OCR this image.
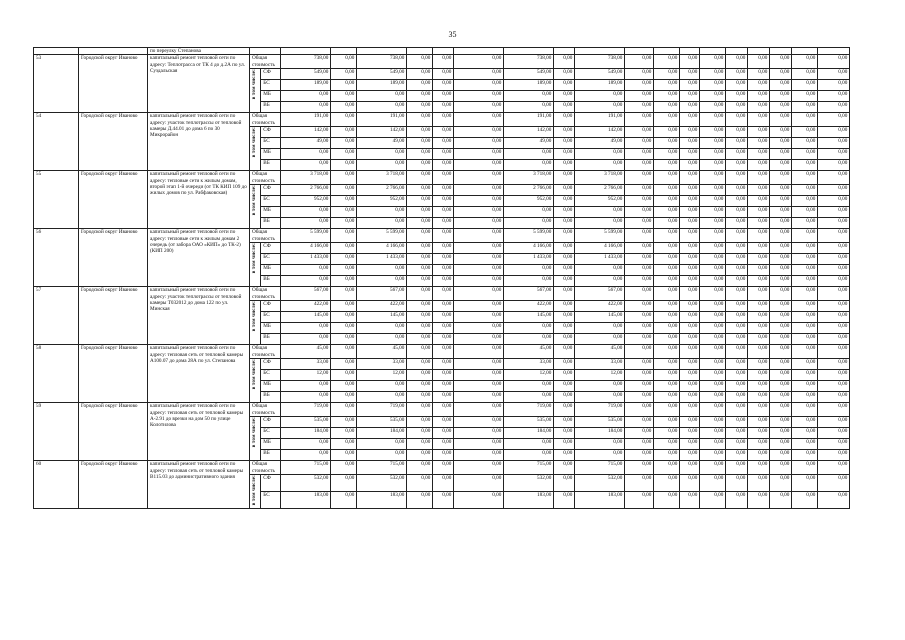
35
		по переулку Степанова																				
53	Городской округ Иваново	капитальный ремонт тепловой сети по адресу: Теплотрасса от ТК 4 до д.2А по ул. Суздальская	Общая стоимость		738,00	0,00	738,00	0,00	0,00	0,00	738,00	0,00	738,00	0,00	0,00	0,00	0,00	0,00	0,00	0,00	0,00	0,00
			в том числе:	СФ	549,00	0,00	549,00	0,00	0,00	0,00	549,00	0,00	549,00	0,00	0,00	0,00	0,00	0,00	0,00	0,00	0,00	0,00
				БС	189,00	0,00	189,00	0,00	0,00	0,00	189,00	0,00	189,00	0,00	0,00	0,00	0,00	0,00	0,00	0,00	0,00	0,00
				МБ	0,00	0,00	0,00	0,00	0,00	0,00	0,00	0,00	0,00	0,00	0,00	0,00	0,00	0,00	0,00	0,00	0,00	0,00
				ВБ	0,00	0,00	0,00	0,00	0,00	0,00	0,00	0,00	0,00	0,00	0,00	0,00	0,00	0,00	0,00	0,00	0,00	0,00
54	Городской округ Иваново	капитальный ремонт тепловой сети по адресу: участок теплотрассы от тепловой камеры Д.44.01 до дома 6 по 30 Микрорайон	Общая стоимость		191,00	0,00	191,00	0,00	0,00	0,00	191,00	0,00	191,00	0,00	0,00	0,00	0,00	0,00	0,00	0,00	0,00	0,00
			в том числе:	СФ	142,00	0,00	142,00	0,00	0,00	0,00	142,00	0,00	142,00	0,00	0,00	0,00	0,00	0,00	0,00	0,00	0,00	0,00
				БС	49,00	0,00	49,00	0,00	0,00	0,00	49,00	0,00	49,00	0,00	0,00	0,00	0,00	0,00	0,00	0,00	0,00	0,00
				МБ	0,00	0,00	0,00	0,00	0,00	0,00	0,00	0,00	0,00	0,00	0,00	0,00	0,00	0,00	0,00	0,00	0,00	0,00
				ВБ	0,00	0,00	0,00	0,00	0,00	0,00	0,00	0,00	0,00	0,00	0,00	0,00	0,00	0,00	0,00	0,00	0,00	0,00
55	Городской округ Иваново	капитальный ремонт тепловой сети по адресу: тепловые сети к жилым домам, второй этап 1-й очереди (от ТК КИП 109 до жилых домов по ул. Рабфаковская)	Общая стоимость		3 718,00	0,00	3 718,00	0,00	0,00	0,00	3 718,00	0,00	3 718,00	0,00	0,00	0,00	0,00	0,00	0,00	0,00	0,00	0,00
			в том числе:	СФ	2 766,00	0,00	2 766,00	0,00	0,00	0,00	2 766,00	0,00	2 766,00	0,00	0,00	0,00	0,00	0,00	0,00	0,00	0,00	0,00
				БС	952,00	0,00	952,00	0,00	0,00	0,00	952,00	0,00	952,00	0,00	0,00	0,00	0,00	0,00	0,00	0,00	0,00	0,00
				МБ	0,00	0,00	0,00	0,00	0,00	0,00	0,00	0,00	0,00	0,00	0,00	0,00	0,00	0,00	0,00	0,00	0,00	0,00
				ВБ	0,00	0,00	0,00	0,00	0,00	0,00	0,00	0,00	0,00	0,00	0,00	0,00	0,00	0,00	0,00	0,00	0,00	0,00
56	Городской округ Иваново	капитальный ремонт тепловой сети по адресу: тепловые сети к жилым домам 2 очередь (от забора ОАО «КИП» до ТК-2) (КИП 200)	Общая стоимость		5 599,00	0,00	5 599,00	0,00	0,00	0,00	5 599,00	0,00	5 599,00	0,00	0,00	0,00	0,00	0,00	0,00	0,00	0,00	0,00
			в том числе:	СФ	4 166,00	0,00	4 166,00	0,00	0,00	0,00	4 166,00	0,00	4 166,00	0,00	0,00	0,00	0,00	0,00	0,00	0,00	0,00	0,00
				БС	1 433,00	0,00	1 433,00	0,00	0,00	0,00	1 433,00	0,00	1 433,00	0,00	0,00	0,00	0,00	0,00	0,00	0,00	0,00	0,00
				МБ	0,00	0,00	0,00	0,00	0,00	0,00	0,00	0,00	0,00	0,00	0,00	0,00	0,00	0,00	0,00	0,00	0,00	0,00
				ВБ	0,00	0,00	0,00	0,00	0,00	0,00	0,00	0,00	0,00	0,00	0,00	0,00	0,00	0,00	0,00	0,00	0,00	0,00
57	Городской округ Иваново	капитальный ремонт тепловой сети по адресу: участок теплотрассы от тепловой камеры Т032012 до дома 122 по ул. Минская	Общая стоимость		567,00	0,00	567,00	0,00	0,00	0,00	567,00	0,00	567,00	0,00	0,00	0,00	0,00	0,00	0,00	0,00	0,00	0,00
			в том числе:	СФ	422,00	0,00	422,00	0,00	0,00	0,00	422,00	0,00	422,00	0,00	0,00	0,00	0,00	0,00	0,00	0,00	0,00	0,00
				БС	145,00	0,00	145,00	0,00	0,00	0,00	145,00	0,00	145,00	0,00	0,00	0,00	0,00	0,00	0,00	0,00	0,00	0,00
				МБ	0,00	0,00	0,00	0,00	0,00	0,00	0,00	0,00	0,00	0,00	0,00	0,00	0,00	0,00	0,00	0,00	0,00	0,00
				ВБ	0,00	0,00	0,00	0,00	0,00	0,00	0,00	0,00	0,00	0,00	0,00	0,00	0,00	0,00	0,00	0,00	0,00	0,00
58	Городской округ Иваново	капитальный ремонт тепловой сети по адресу: тепловая сеть от тепловой камеры А100.07 до дома 28А по ул. Степанова	Общая стоимость		45,00	0,00	45,00	0,00	0,00	0,00	45,00	0,00	45,00	0,00	0,00	0,00	0,00	0,00	0,00	0,00	0,00	0,00
			в том числе:	СФ	33,00	0,00	33,00	0,00	0,00	0,00	33,00	0,00	33,00	0,00	0,00	0,00	0,00	0,00	0,00	0,00	0,00	0,00
				БС	12,00	0,00	12,00	0,00	0,00	0,00	12,00	0,00	12,00	0,00	0,00	0,00	0,00	0,00	0,00	0,00	0,00	0,00
				МБ	0,00	0,00	0,00	0,00	0,00	0,00	0,00	0,00	0,00	0,00	0,00	0,00	0,00	0,00	0,00	0,00	0,00	0,00
				ВБ	0,00	0,00	0,00	0,00	0,00	0,00	0,00	0,00	0,00	0,00	0,00	0,00	0,00	0,00	0,00	0,00	0,00	0,00
59	Городской округ Иваново	капитальный ремонт тепловой сети по адресу: тепловая сеть от тепловой камеры А-2.91 до врезки на дом 50 по улице Колотилова	Общая стоимость		719,00	0,00	719,00	0,00	0,00	0,00	719,00	0,00	719,00	0,00	0,00	0,00	0,00	0,00	0,00	0,00	0,00	0,00
			в том числе:	СФ	535,00	0,00	535,00	0,00	0,00	0,00	535,00	0,00	535,00	0,00	0,00	0,00	0,00	0,00	0,00	0,00	0,00	0,00
				БС	184,00	0,00	184,00	0,00	0,00	0,00	184,00	0,00	184,00	0,00	0,00	0,00	0,00	0,00	0,00	0,00	0,00	0,00
				МБ	0,00	0,00	0,00	0,00	0,00	0,00	0,00	0,00	0,00	0,00	0,00	0,00	0,00	0,00	0,00	0,00	0,00	0,00
				ВБ	0,00	0,00	0,00	0,00	0,00	0,00	0,00	0,00	0,00	0,00	0,00	0,00	0,00	0,00	0,00	0,00	0,00	0,00
60	Городской округ Иваново	капитальный ремонт тепловой сети по адресу: тепловая сеть от тепловой камеры В115.03 до административного здания	Общая стоимость		715,00	0,00	715,00	0,00	0,00	0,00	715,00	0,00	715,00	0,00	0,00	0,00	0,00	0,00	0,00	0,00	0,00	0,00
			в том числе:	СФ	532,00	0,00	532,00	0,00	0,00	0,00	532,00	0,00	532,00	0,00	0,00	0,00	0,00	0,00	0,00	0,00	0,00	0,00
				БС	183,00	0,00	183,00	0,00	0,00	0,00	183,00	0,00	183,00	0,00	0,00	0,00	0,00	0,00	0,00	0,00	0,00	0,00
